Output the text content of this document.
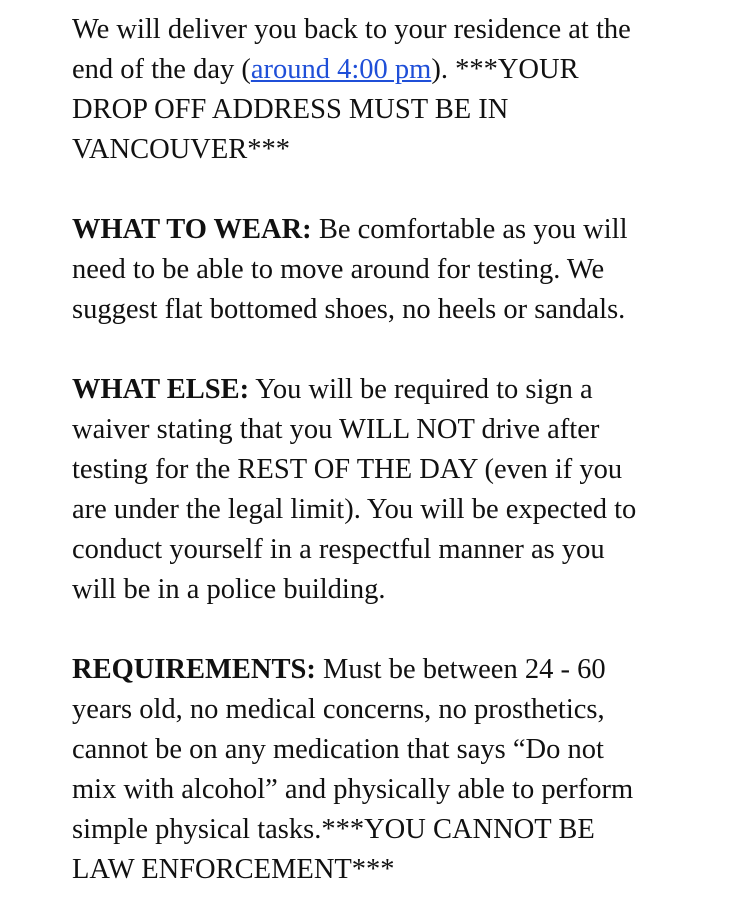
We will deliver you back to your residence at the
end of the day (around 4:00 pm). ***YOUR
DROP OFF ADDRESS MUST BE IN
VANCOUVER***

WHAT TO WEAR: Be comfortable as you will
need to be able to move around for testing. We
suggest flat bottomed shoes, no heels or sandals.

WHAT ELSE: You will be required to sign a
waiver stating that you WILL NOT drive after
testing for the REST OF THE DAY (even if you
are under the legal limit). You will be expected to
conduct yourself in a respectful manner as you
will be in a police building.

REQUIREMENTS: Must be between 24 - 60
years old, no medical concerns, no prosthetics,
cannot be on any medication that says “Do not
mix with alcohol” and physically able to perform
simple physical tasks.***YOU CANNOT BE
LAW ENFORCEMENT***
